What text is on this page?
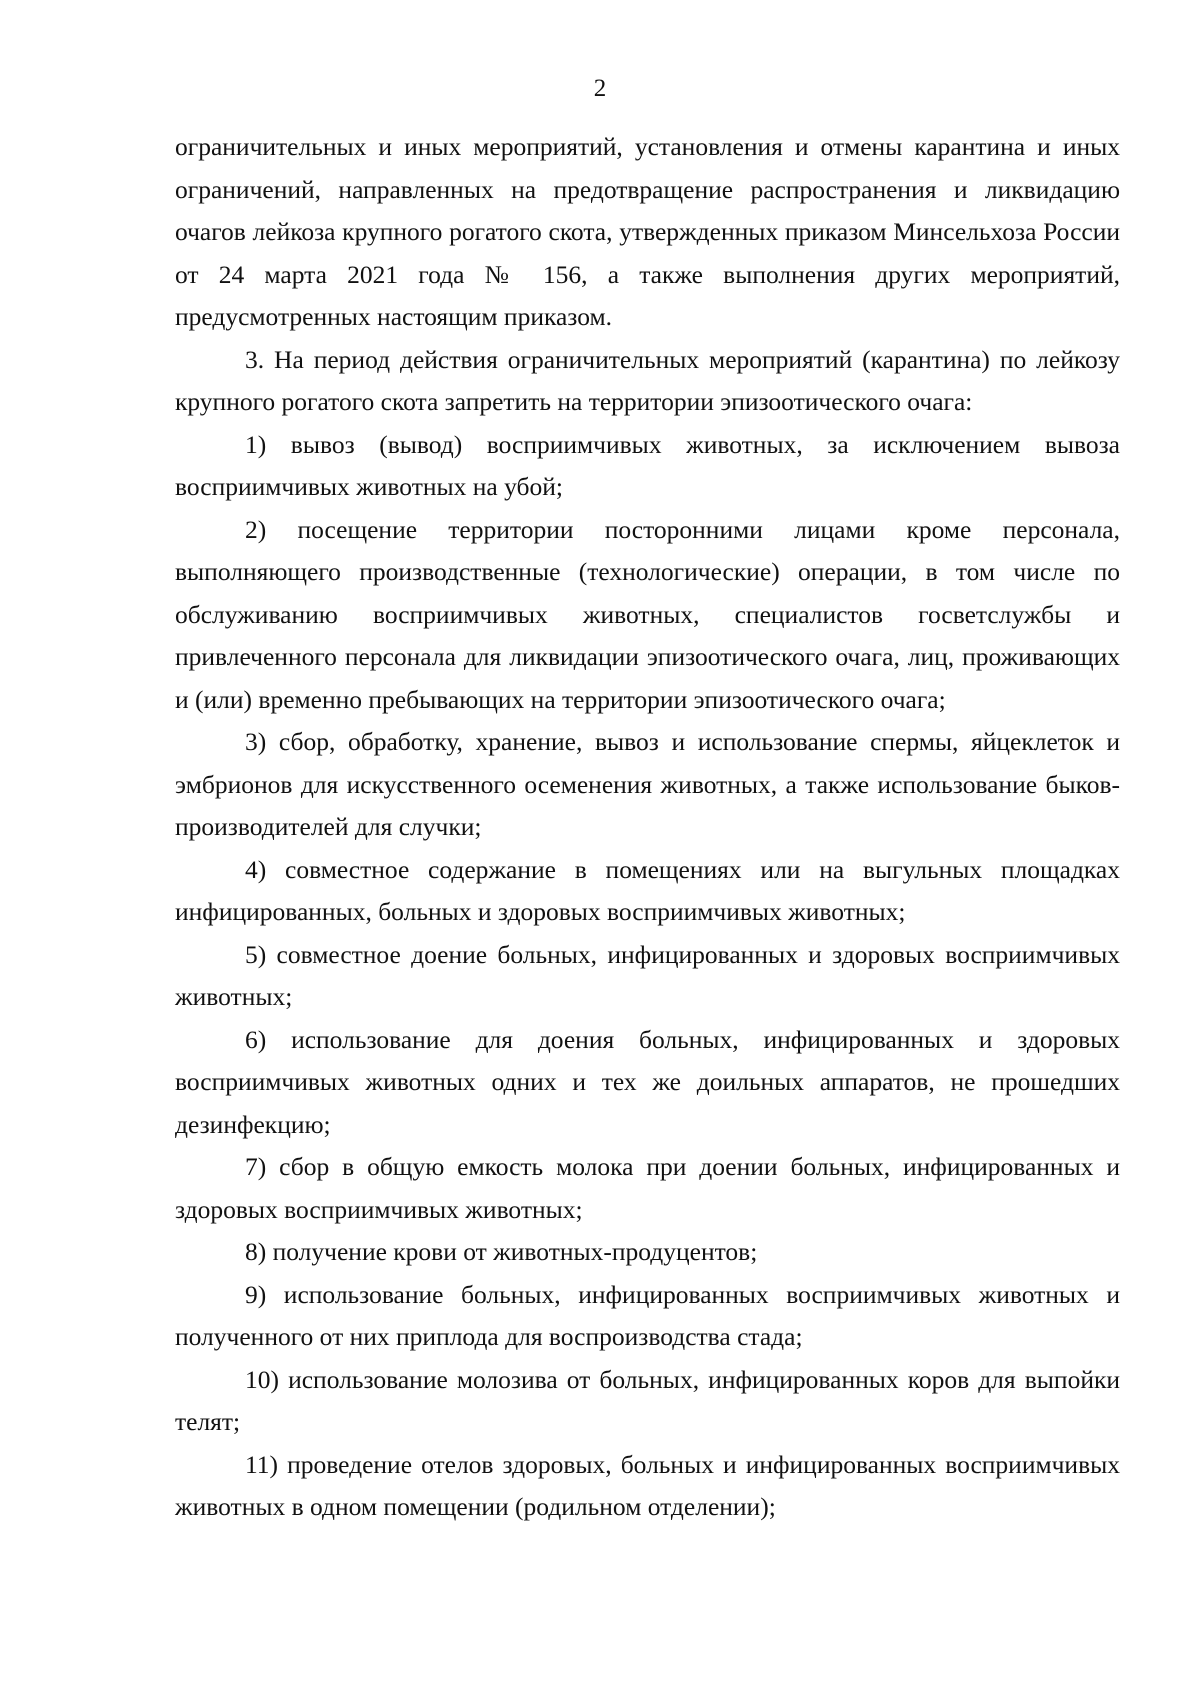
2

ограничительных и иных мероприятий, установления и отмены карантина и иных ограничений, направленных на предотвращение распространения и ликвидацию очагов лейкоза крупного рогатого скота, утвержденных приказом Минсельхоза России от 24 марта 2021 года № 156, а также выполнения других мероприятий, предусмотренных настоящим приказом.

3. На период действия ограничительных мероприятий (карантина) по лейкозу крупного рогатого скота запретить на территории эпизоотического очага:

1) вывоз (вывод) восприимчивых животных, за исключением вывоза восприимчивых животных на убой;

2) посещение территории посторонними лицами кроме персонала, выполняющего производственные (технологические) операции, в том числе по обслуживанию восприимчивых животных, специалистов госветслужбы и привлеченного персонала для ликвидации эпизоотического очага, лиц, проживающих и (или) временно пребывающих на территории эпизоотического очага;

3) сбор, обработку, хранение, вывоз и использование спермы, яйцеклеток и эмбрионов для искусственного осеменения животных, а также использование быков-производителей для случки;

4) совместное содержание в помещениях или на выгульных площадках инфицированных, больных и здоровых восприимчивых животных;

5) совместное доение больных, инфицированных и здоровых восприимчивых животных;

6) использование для доения больных, инфицированных и здоровых восприимчивых животных одних и тех же доильных аппаратов, не прошедших дезинфекцию;

7) сбор в общую емкость молока при доении больных, инфицированных и здоровых восприимчивых животных;

8) получение крови от животных-продуцентов;

9) использование больных, инфицированных восприимчивых животных и полученного от них приплода для воспроизводства стада;

10) использование молозива от больных, инфицированных коров для выпойки телят;

11) проведение отелов здоровых, больных и инфицированных восприимчивых животных в одном помещении (родильном отделении);
